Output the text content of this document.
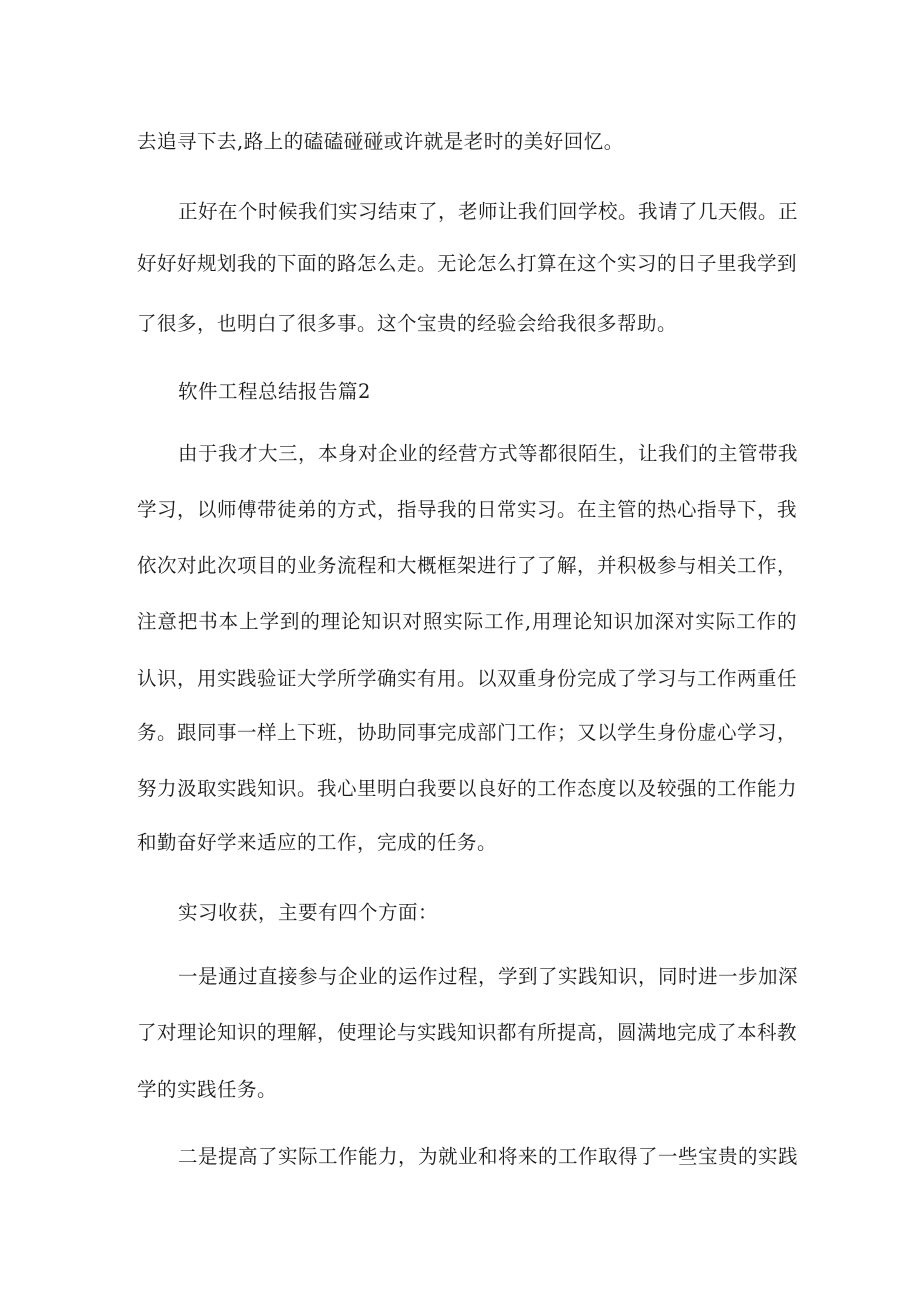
去追寻下去,路上的磕磕碰碰或许就是老时的美好回忆。
正好在个时候我们实习结束了，老师让我们回学校。我请了几天假。正
好好好规划我的下面的路怎么走。无论怎么打算在这个实习的日子里我学到
了很多，也明白了很多事。这个宝贵的经验会给我很多帮助。
软件工程总结报告篇2
由于我才大三，本身对企业的经营方式等都很陌生，让我们的主管带我
学习，以师傅带徒弟的方式，指导我的日常实习。在主管的热心指导下，我
依次对此次项目的业务流程和大概框架进行了了解，并积极参与相关工作，
注意把书本上学到的理论知识对照实际工作,用理论知识加深对实际工作的
认识，用实践验证大学所学确实有用。以双重身份完成了学习与工作两重任
务。跟同事一样上下班，协助同事完成部门工作；又以学生身份虚心学习，
努力汲取实践知识。我心里明白我要以良好的工作态度以及较强的工作能力
和勤奋好学来适应的工作，完成的任务。
实习收获，主要有四个方面：
一是通过直接参与企业的运作过程，学到了实践知识，同时进一步加深
了对理论知识的理解，使理论与实践知识都有所提高，圆满地完成了本科教
学的实践任务。
二是提高了实际工作能力，为就业和将来的工作取得了一些宝贵的实践
